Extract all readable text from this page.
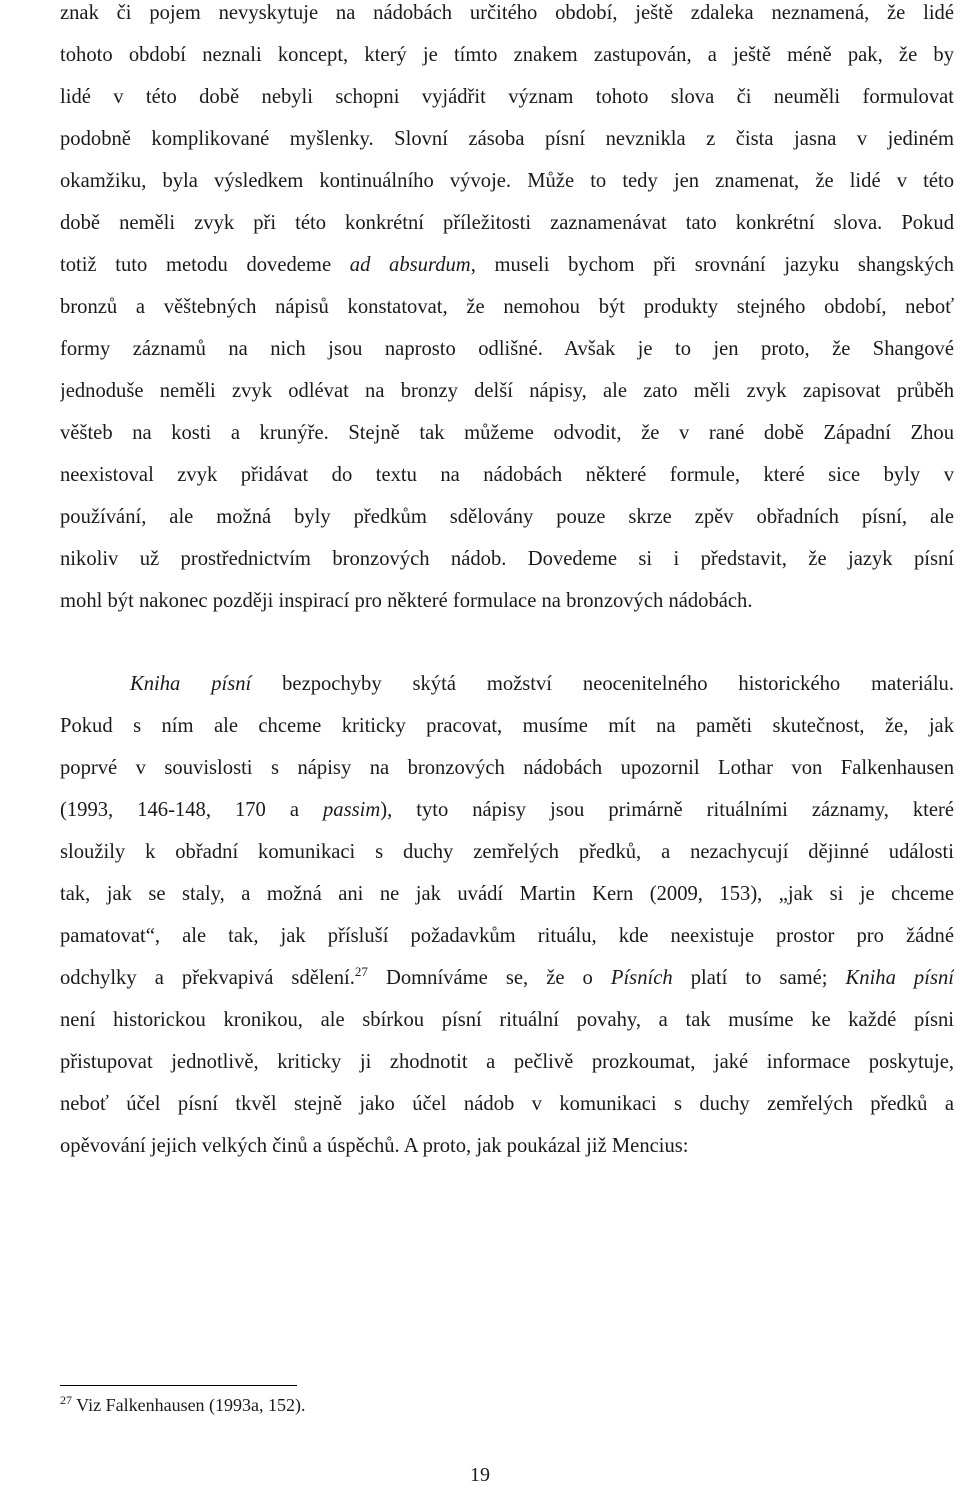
znak či pojem nevyskytuje na nádobách určitého období, ještě zdaleka neznamená, že lidé
tohoto období neznali koncept, který je tímto znakem zastupován, a ještě méně pak, že by
lidé v této době nebyli schopni vyjádřit význam tohoto slova či neuměli formulovat
podobně komplikované myšlenky. Slovní zásoba písní nevznikla z čista jasna v jediném
okamžiku, byla výsledkem kontinuálního vývoje. Může to tedy jen znamenat, že lidé v této
době neměli zvyk při této konkrétní příležitosti zaznamenávat tato konkrétní slova. Pokud
totiž tuto metodu dovedeme ad absurdum, museli bychom při srovnání jazyku shangských
bronzů a věštebných nápisů konstatovat, že nemohou být produkty stejného období, neboť
formy záznamů na nich jsou naprosto odlišné. Avšak je to jen proto, že Shangové
jednoduše neměli zvyk odlévat na bronzy delší nápisy, ale zato měli zvyk zapisovat průběh
věšteb na kosti a krunýře. Stejně tak můžeme odvodit, že v rané době Západní Zhou
neexistoval zvyk přidávat do textu na nádobách některé formule, které sice byly v
používání, ale možná byly předkům sdělovány pouze skrze zpěv obřadních písní, ale
nikoliv už prostřednictvím bronzových nádob. Dovedeme si i představit, že jazyk písní
mohl být nakonec později inspirací pro některé formulace na bronzových nádobách.
Kniha písní bezpochyby skýtá možství neocenitelného historického materiálu.
Pokud s ním ale chceme kriticky pracovat, musíme mít na paměti skutečnost, že, jak
poprvé v souvislosti s nápisy na bronzových nádobách upozornil Lothar von Falkenhausen
(1993, 146-148, 170 a passim), tyto nápisy jsou primárně rituálními záznamy, které
sloužily k obřadní komunikaci s duchy zemřelých předků, a nezachycují dějinné události
tak, jak se staly, a možná ani ne jak uvádí Martin Kern (2009, 153), „jak si je chceme
pamatovat“, ale tak, jak přísluší požadavkům rituálu, kde neexistuje prostor pro žádné
odchylky a překvapivá sdělení.$^{27}$ Domníváme se, že o Písních platí to samé; Kniha písní
není historickou kronikou, ale sbírkou písní rituální povahy, a tak musíme ke každé písni
přistupovat jednotlivě, kriticky ji zhodnotit a pečlivě prozkoumat, jaké informace poskytuje,
neboť účel písní tkvěl stejně jako účel nádob v komunikaci s duchy zemřelých předků a
opěvování jejich velkých činů a úspěchů. A proto, jak poukázal již Mencius:
$^{27}$ Viz Falkenhausen (1993a, 152).
19
